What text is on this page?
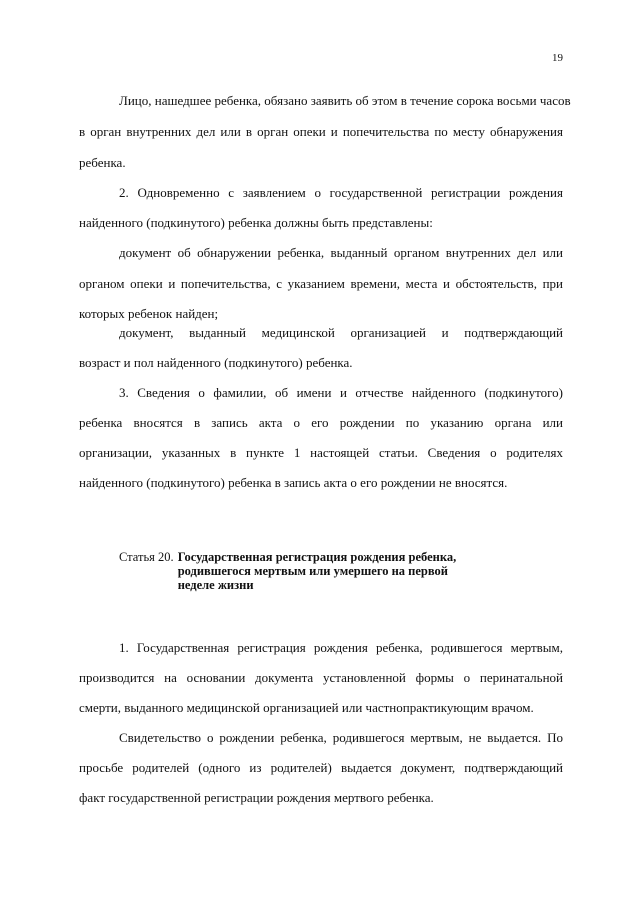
19
Лицо, нашедшее ребенка, обязано заявить об этом в течение сорока восьми часов
в орган внутренних дел или в орган опеки и попечительства по месту обнаружения
ребенка.
2. Одновременно с заявлением о государственной регистрации рождения
найденного (подкинутого) ребенка должны быть представлены:
документ об обнаружении ребенка, выданный органом внутренних дел или
органом опеки и попечительства, с указанием времени, места и обстоятельств, при
которых ребенок найден;
документ, выданный медицинской организацией и подтверждающий
возраст и пол найденного (подкинутого) ребенка.
3. Сведения о фамилии, об имени и отчестве найденного (подкинутого)
ребенка вносятся в запись акта о его рождении по указанию органа или
организации, указанных в пункте 1 настоящей статьи. Сведения о родителях
найденного (подкинутого) ребенка в запись акта о его рождении не вносятся.
Статья 20. Государственная регистрация рождения ребенка,
родившегося мертвым или умершего на первой
неделе жизни
1. Государственная регистрация рождения ребенка, родившегося мертвым,
производится на основании документа установленной формы о перинатальной
смерти, выданного медицинской организацией или частнопрактикующим врачом.
Свидетельство о рождении ребенка, родившегося мертвым, не выдается. По
просьбе родителей (одного из родителей) выдается документ, подтверждающий
факт государственной регистрации рождения мертвого ребенка.
